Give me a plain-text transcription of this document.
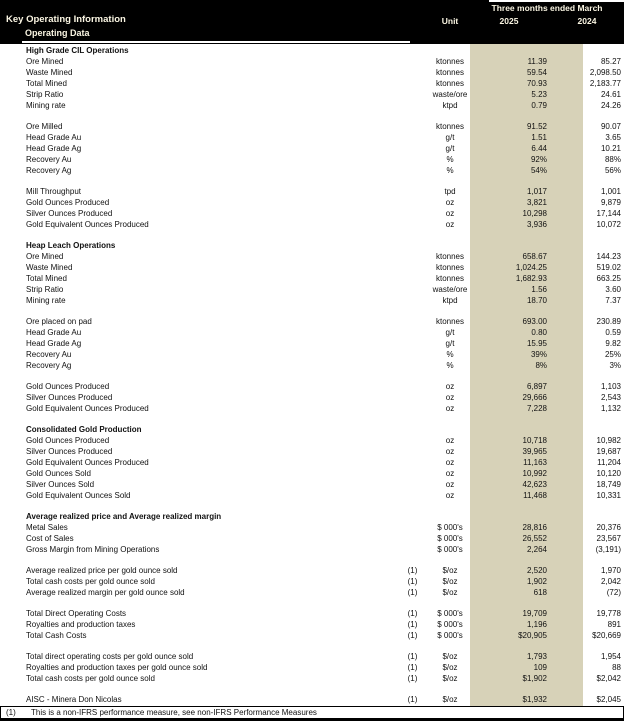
Three months ended March
Key Operating Information	Unit	2025	2024
Operating Data
High Grade CIL Operations
Ore Mined	ktonnes	11.39	85.27
Waste Mined	ktonnes	59.54	2,098.50
Total Mined	ktonnes	70.93	2,183.77
Strip Ratio	waste/ore	5.23	24.61
Mining rate	ktpd	0.79	24.26
Ore Milled	ktonnes	91.52	90.07
Head Grade Au	g/t	1.51	3.65
Head Grade Ag	g/t	6.44	10.21
Recovery Au	%	92%	88%
Recovery Ag	%	54%	56%
Mill Throughput	tpd	1,017	1,001
Gold Ounces Produced	oz	3,821	9,879
Silver Ounces Produced	oz	10,298	17,144
Gold Equivalent Ounces Produced	oz	3,936	10,072
Heap Leach Operations
Ore Mined	ktonnes	658.67	144.23
Waste Mined	ktonnes	1,024.25	519.02
Total Mined	ktonnes	1,682.93	663.25
Strip Ratio	waste/ore	1.56	3.60
Mining rate	ktpd	18.70	7.37
Ore placed on pad	ktonnes	693.00	230.89
Head Grade Au	g/t	0.80	0.59
Head Grade Ag	g/t	15.95	9.82
Recovery Au	%	39%	25%
Recovery Ag	%	8%	3%
Gold Ounces Produced	oz	6,897	1,103
Silver Ounces Produced	oz	29,666	2,543
Gold Equivalent Ounces Produced	oz	7,228	1,132
Consolidated Gold Production
Gold Ounces Produced	oz	10,718	10,982
Silver Ounces Produced	oz	39,965	19,687
Gold Equivalent Ounces Produced	oz	11,163	11,204
Gold Ounces Sold	oz	10,992	10,120
Silver Ounces Sold	oz	42,623	18,749
Gold Equivalent Ounces Sold	oz	11,468	10,331
Average realized price and Average realized margin
Metal Sales	$ 000's	28,816	20,376
Cost of Sales	$ 000's	26,552	23,567
Gross Margin from Mining Operations	$ 000's	2,264	(3,191)
Average realized price per gold ounce sold	(1)	$/oz	2,520	1,970
Total cash costs per gold ounce sold	(1)	$/oz	1,902	2,042
Average realized margin per gold ounce sold	(1)	$/oz	618	(72)
Total Direct Operating Costs	(1)	$ 000's	19,709	19,778
Royalties and production taxes	(1)	$ 000's	1,196	891
Total Cash Costs	(1)	$ 000's	$20,905	$20,669
Total direct operating costs per gold ounce sold	(1)	$/oz	1,793	1,954
Royalties and production taxes per gold ounce sold	(1)	$/oz	109	88
Total cash costs per gold ounce sold	(1)	$/oz	$1,902	$2,042
AISC - Minera Don Nicolas	(1)	$/oz	$1,932	$2,045
(1) This is a non-IFRS performance measure, see non-IFRS Performance Measures
